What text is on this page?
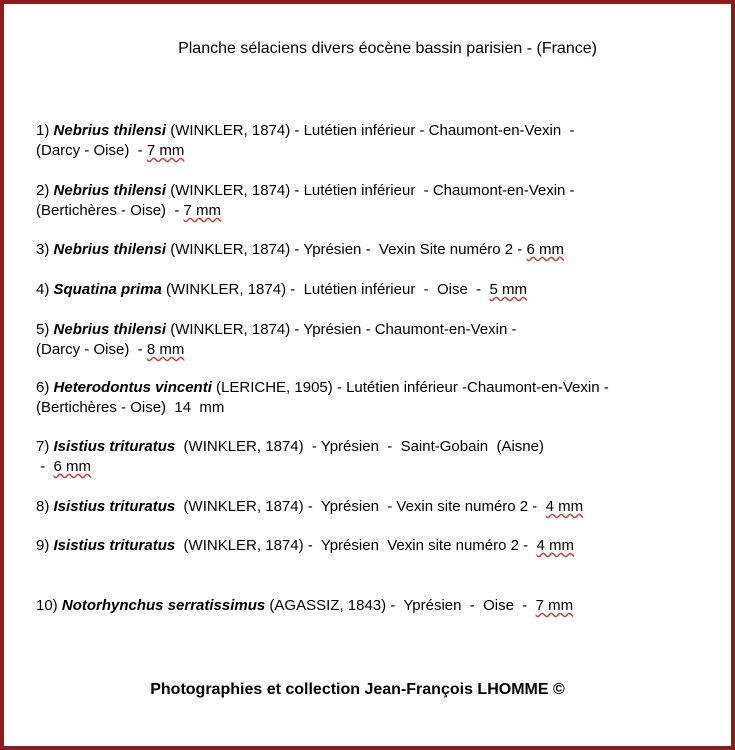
Planche sélaciens divers éocène bassin parisien - (France)
1) Nebrius thilensi (WINKLER, 1874) - Lutétien inférieur - Chaumont-en-Vexin  -
(Darcy - Oise)  - 7 mm
2) Nebrius thilensi (WINKLER, 1874) - Lutétien inférieur  - Chaumont-en-Vexin -
(Bertichères - Oise)  - 7 mm
3) Nebrius thilensi (WINKLER, 1874) - Yprésien -  Vexin Site numéro 2 - 6 mm
4) Squatina prima (WINKLER, 1874) -  Lutétien inférieur  -  Oise  -  5 mm
5) Nebrius thilensi (WINKLER, 1874) - Yprésien - Chaumont-en-Vexin -
(Darcy - Oise)  - 8 mm
6) Heterodontus vincenti (LERICHE, 1905) - Lutétien inférieur -Chaumont-en-Vexin -
(Bertichères - Oise)  14  mm
7) Isistius trituratus  (WINKLER, 1874)  - Yprésien  -  Saint-Gobain  (Aisne)
-  6 mm
8) Isistius trituratus  (WINKLER, 1874) -  Yprésien  - Vexin site numéro 2 -  4 mm
9) Isistius trituratus  (WINKLER, 1874) -  Yprésien  Vexin site numéro 2 -  4 mm
10) Notorhynchus serratissimus (AGASSIZ, 1843) -  Yprésien  -  Oise  -  7 mm
Photographies et collection Jean-François LHOMME ©
